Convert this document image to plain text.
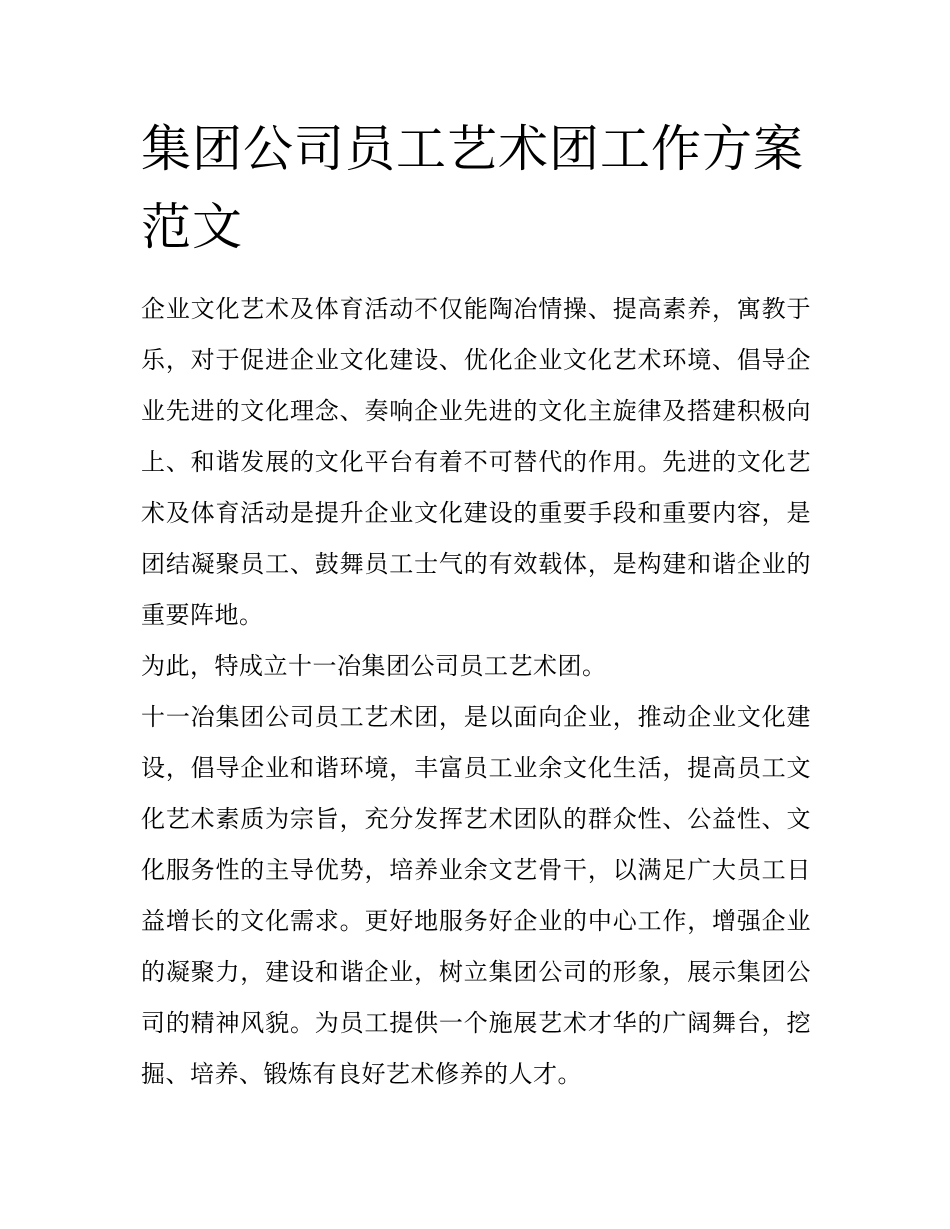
集团公司员工艺术团工作方案范文

企业文化艺术及体育活动不仅能陶冶情操、提高素养，寓教于乐，对于促进企业文化建设、优化企业文化艺术环境、倡导企业先进的文化理念、奏响企业先进的文化主旋律及搭建积极向上、和谐发展的文化平台有着不可替代的作用。先进的文化艺术及体育活动是提升企业文化建设的重要手段和重要内容，是团结凝聚员工、鼓舞员工士气的有效载体，是构建和谐企业的重要阵地。

为此，特成立十一冶集团公司员工艺术团。

十一冶集团公司员工艺术团，是以面向企业，推动企业文化建设，倡导企业和谐环境，丰富员工业余文化生活，提高员工文化艺术素质为宗旨，充分发挥艺术团队的群众性、公益性、文化服务性的主导优势，培养业余文艺骨干，以满足广大员工日益增长的文化需求。更好地服务好企业的中心工作，增强企业的凝聚力，建设和谐企业，树立集团公司的形象，展示集团公司的精神风貌。为员工提供一个施展艺术才华的广阔舞台，挖掘、培养、锻炼有良好艺术修养的人才。
